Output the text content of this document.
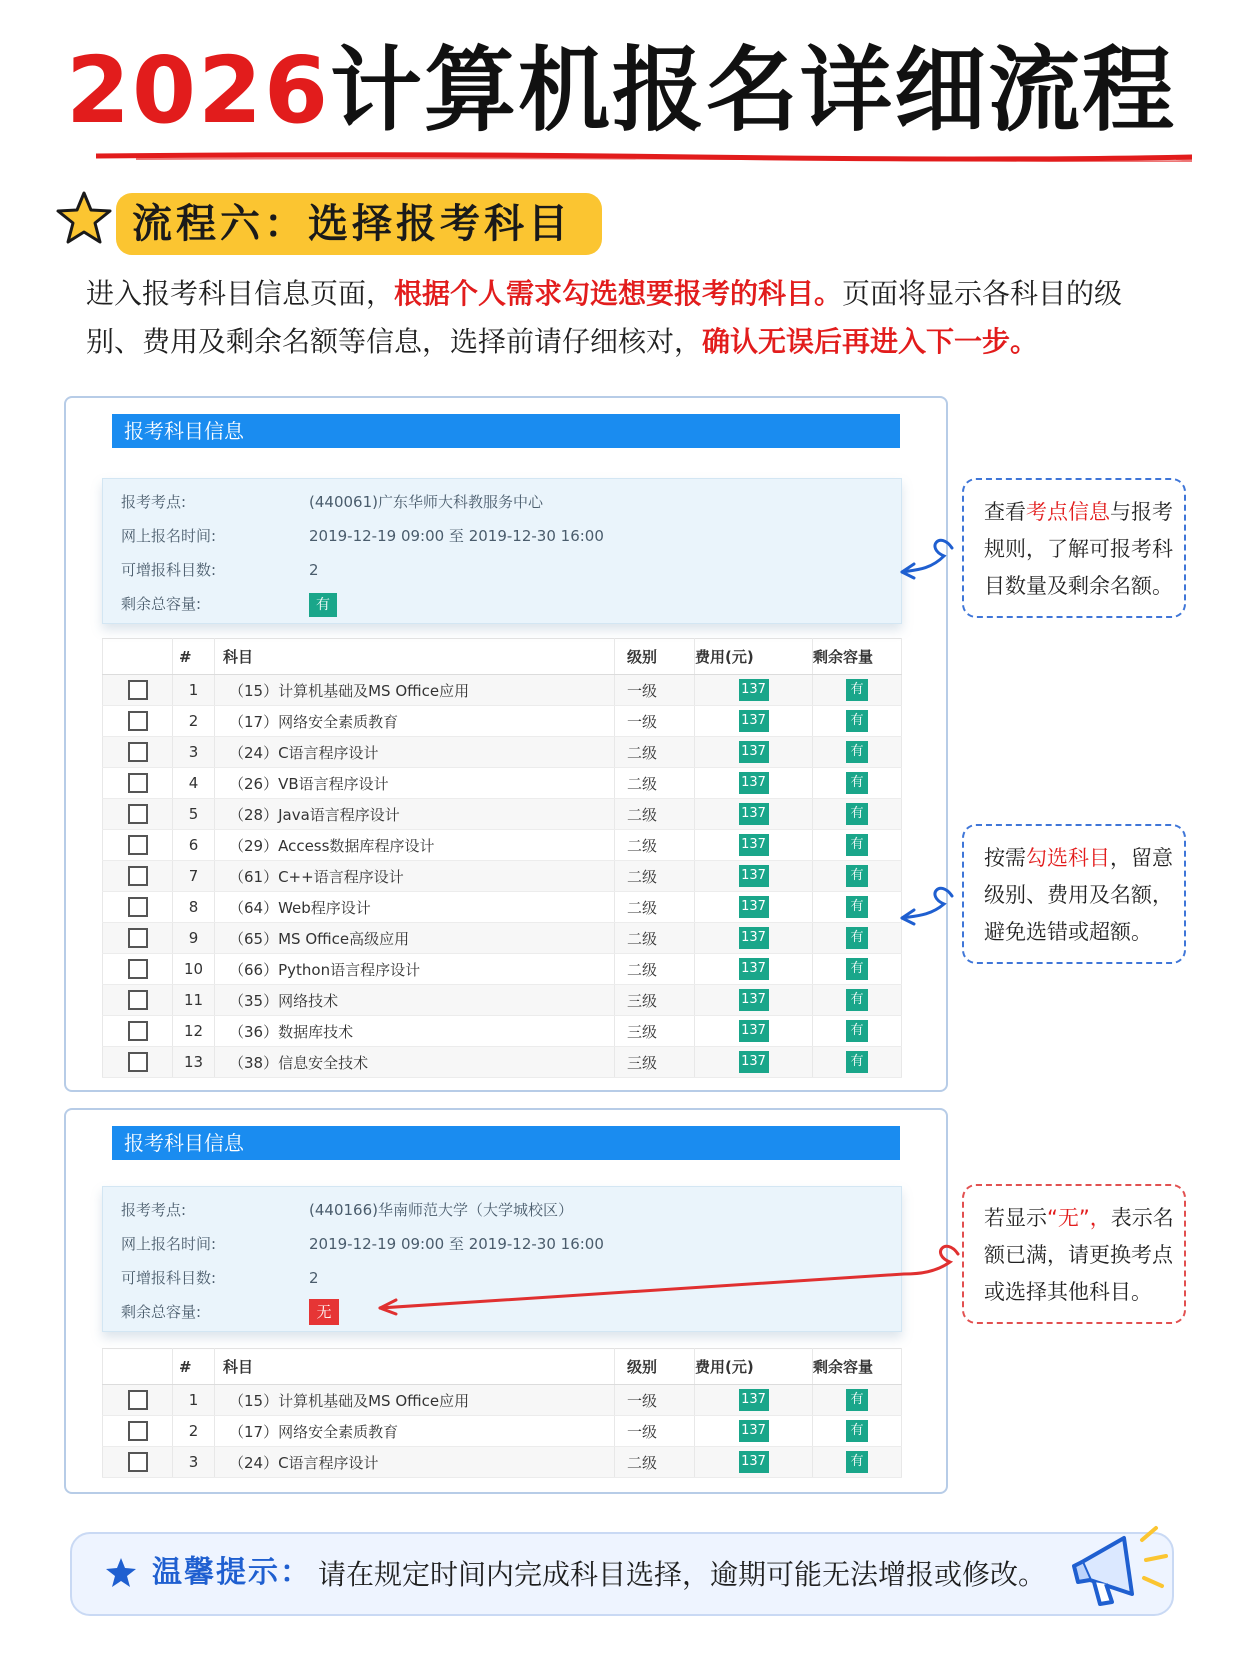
2026计算机报名详细流程
流程六：选择报考科目
进入报考科目信息页面，根据个人需求勾选想要报考的科目。页面将显示各科目的级别、费用及剩余名额等信息，选择前请仔细核对，确认无误后再进入下一步。
报考科目信息
报考考点:	(440061)广东华师大科教服务中心
网上报名时间:	2019-12-19 09:00 至 2019-12-30 16:00
可增报科目数:	2
剩余总容量:	有
	#	科目	级别	费用(元)	剩余容量
	1	（15）计算机基础及MS Office应用	一级	137	有
	2	（17）网络安全素质教育	一级	137	有
	3	（24）C语言程序设计	二级	137	有
	4	（26）VB语言程序设计	二级	137	有
	5	（28）Java语言程序设计	二级	137	有
	6	（29）Access数据库程序设计	二级	137	有
	7	（61）C++语言程序设计	二级	137	有
	8	（64）Web程序设计	二级	137	有
	9	（65）MS Office高级应用	二级	137	有
	10	（66）Python语言程序设计	二级	137	有
	11	（35）网络技术	三级	137	有
	12	（36）数据库技术	三级	137	有
	13	（38）信息安全技术	三级	137	有
报考科目信息
报考考点:	(440166)华南师范大学（大学城校区）
网上报名时间:	2019-12-19 09:00 至 2019-12-30 16:00
可增报科目数:	2
剩余总容量:	无
	#	科目	级别	费用(元)	剩余容量
	1	（15）计算机基础及MS Office应用	一级	137	有
	2	（17）网络安全素质教育	一级	137	有
	3	（24）C语言程序设计	二级	137	有
查看考点信息与报考规则，了解可报考科目数量及剩余名额。
按需勾选科目，留意级别、费用及名额，避免选错或超额。
若显示“无”，表示名额已满，请更换考点或选择其他科目。
温馨提示： 请在规定时间内完成科目选择，逾期可能无法增报或修改。
